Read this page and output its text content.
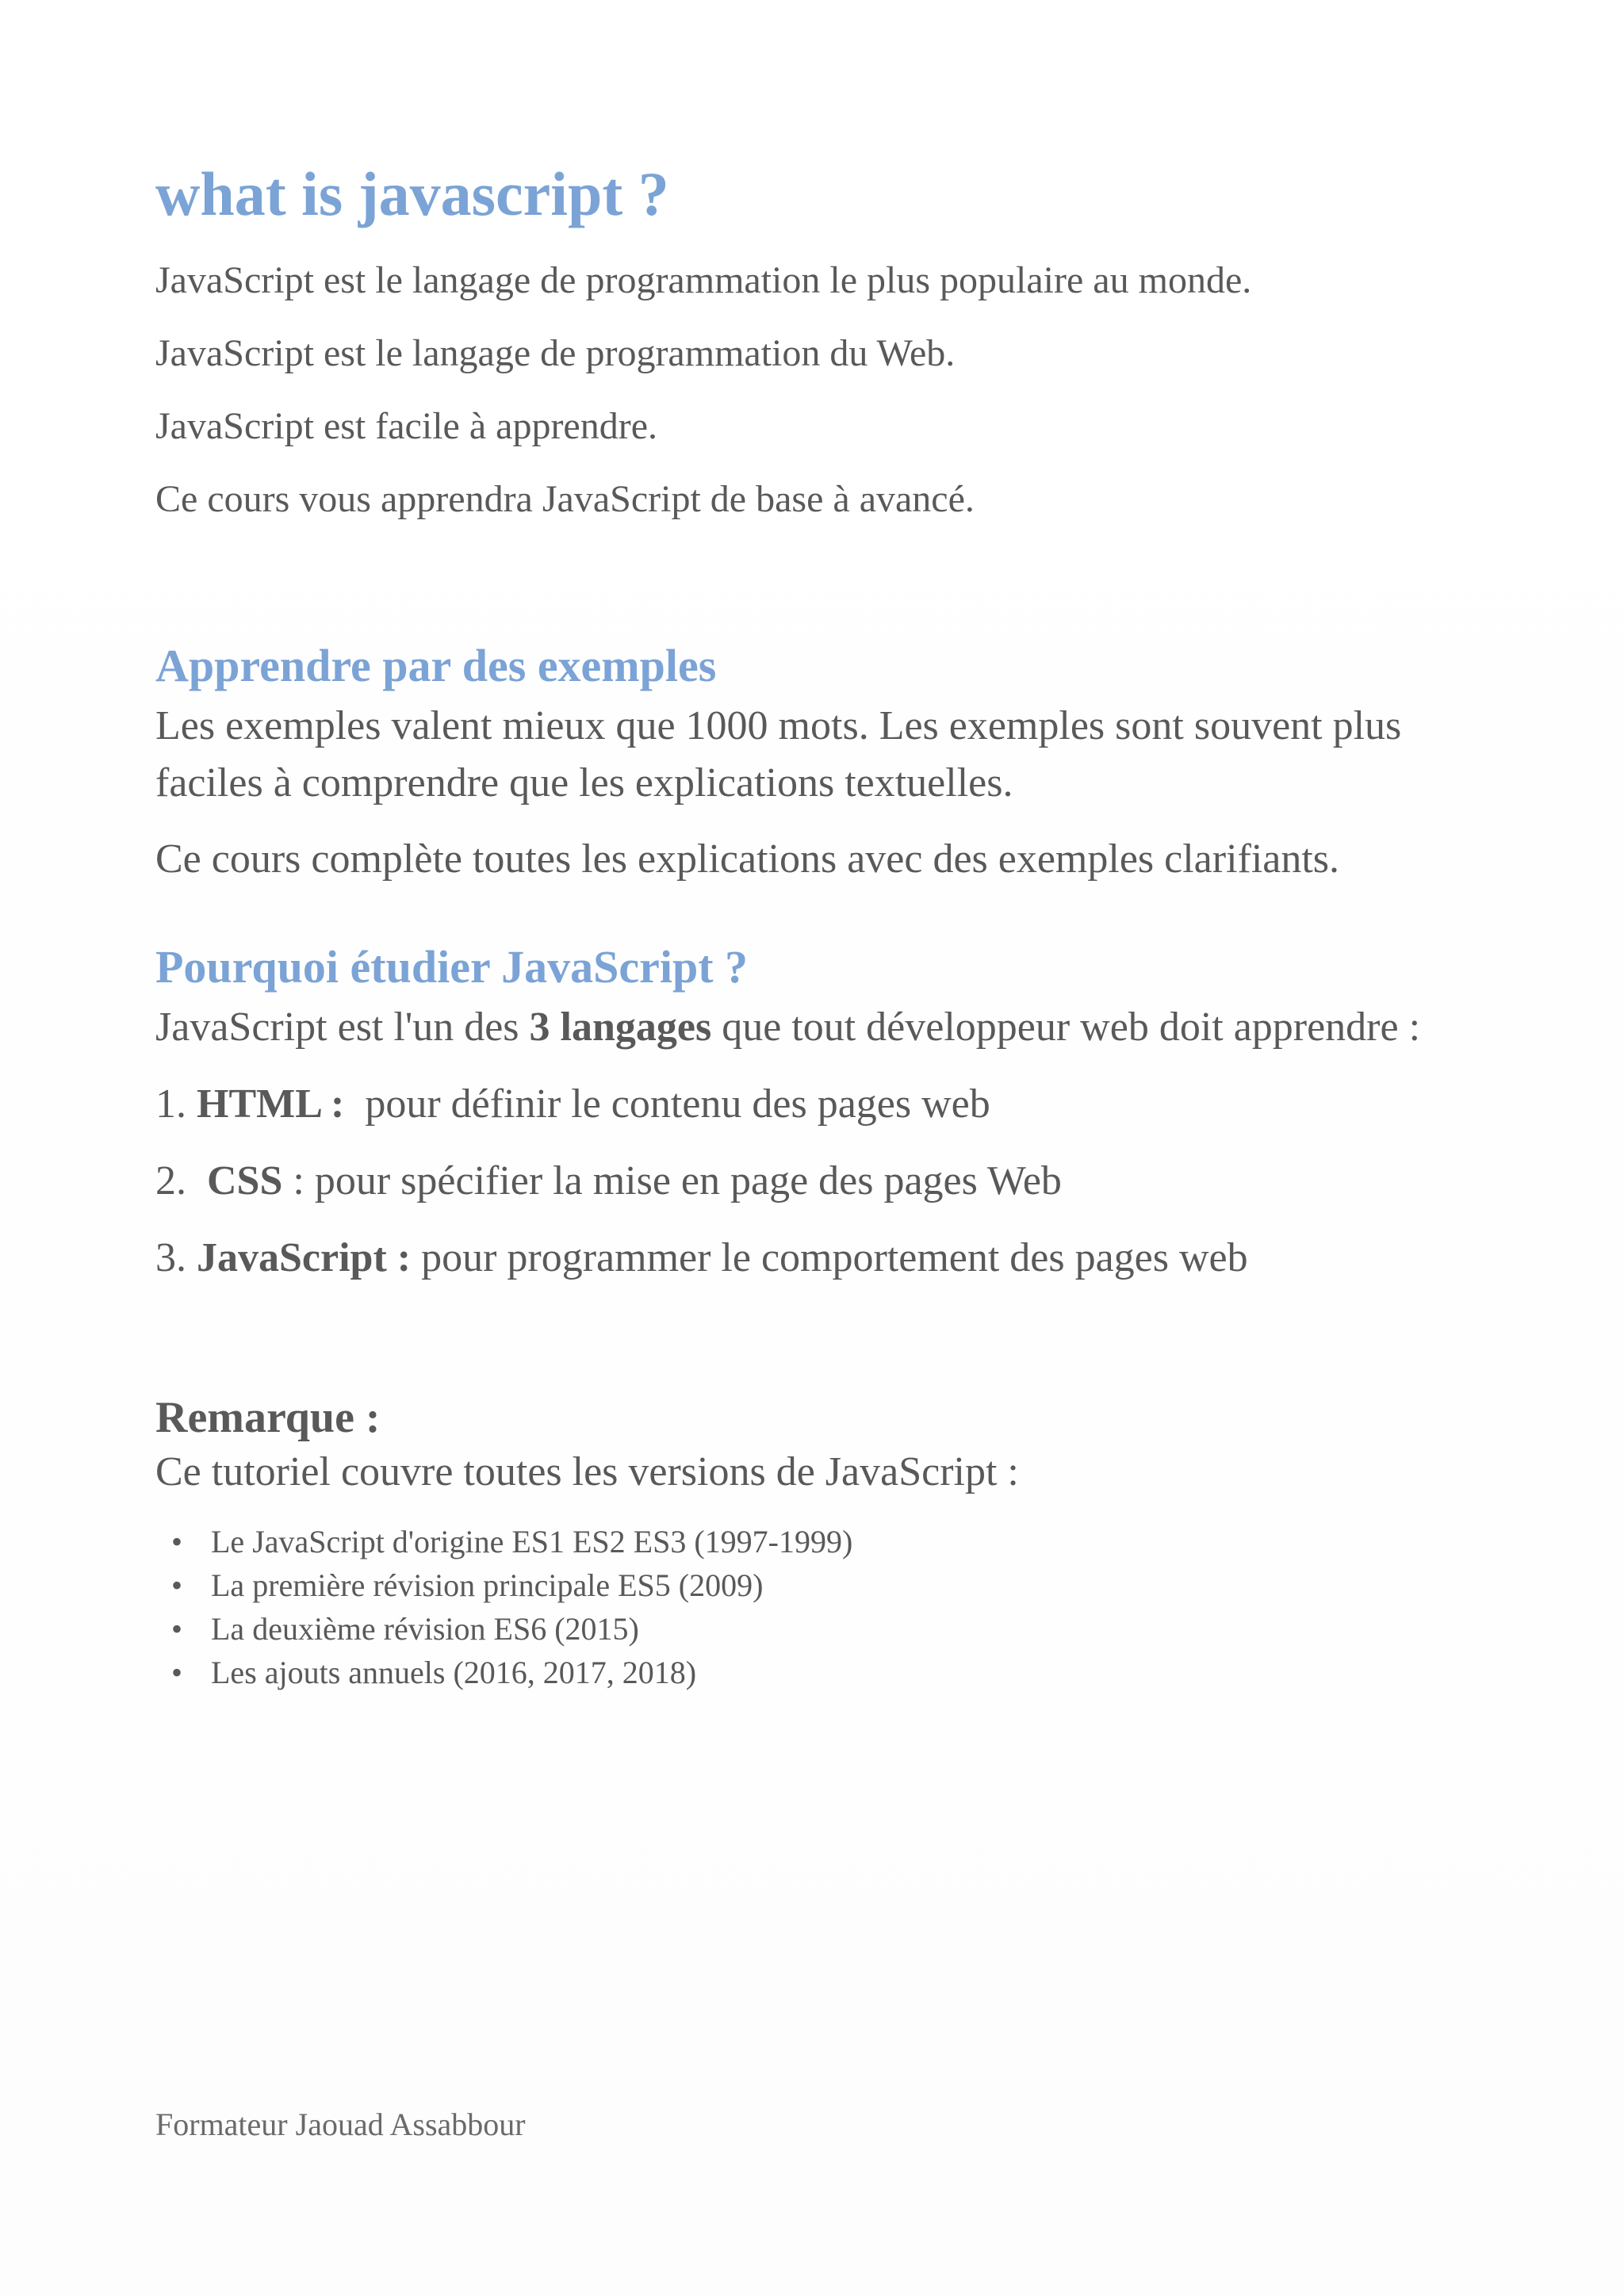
what is javascript ?

JavaScript est le langage de programmation le plus populaire au monde.

JavaScript est le langage de programmation du Web.

JavaScript est facile à apprendre.

Ce cours vous apprendra JavaScript de base à avancé.

Apprendre par des exemples

Les exemples valent mieux que 1000 mots. Les exemples sont souvent plus faciles à comprendre que les explications textuelles.

Ce cours complète toutes les explications avec des exemples clarifiants.

Pourquoi étudier JavaScript ?

JavaScript est l'un des 3 langages que tout développeur web doit apprendre :

1. HTML :  pour définir le contenu des pages web

2. CSS : pour spécifier la mise en page des pages Web

3. JavaScript : pour programmer le comportement des pages web

Remarque :

Ce tutoriel couvre toutes les versions de JavaScript :

• Le JavaScript d'origine ES1 ES2 ES3 (1997-1999)
• La première révision principale ES5 (2009)
• La deuxième révision ES6 (2015)
• Les ajouts annuels (2016, 2017, 2018)
Formateur Jaouad Assabbour
